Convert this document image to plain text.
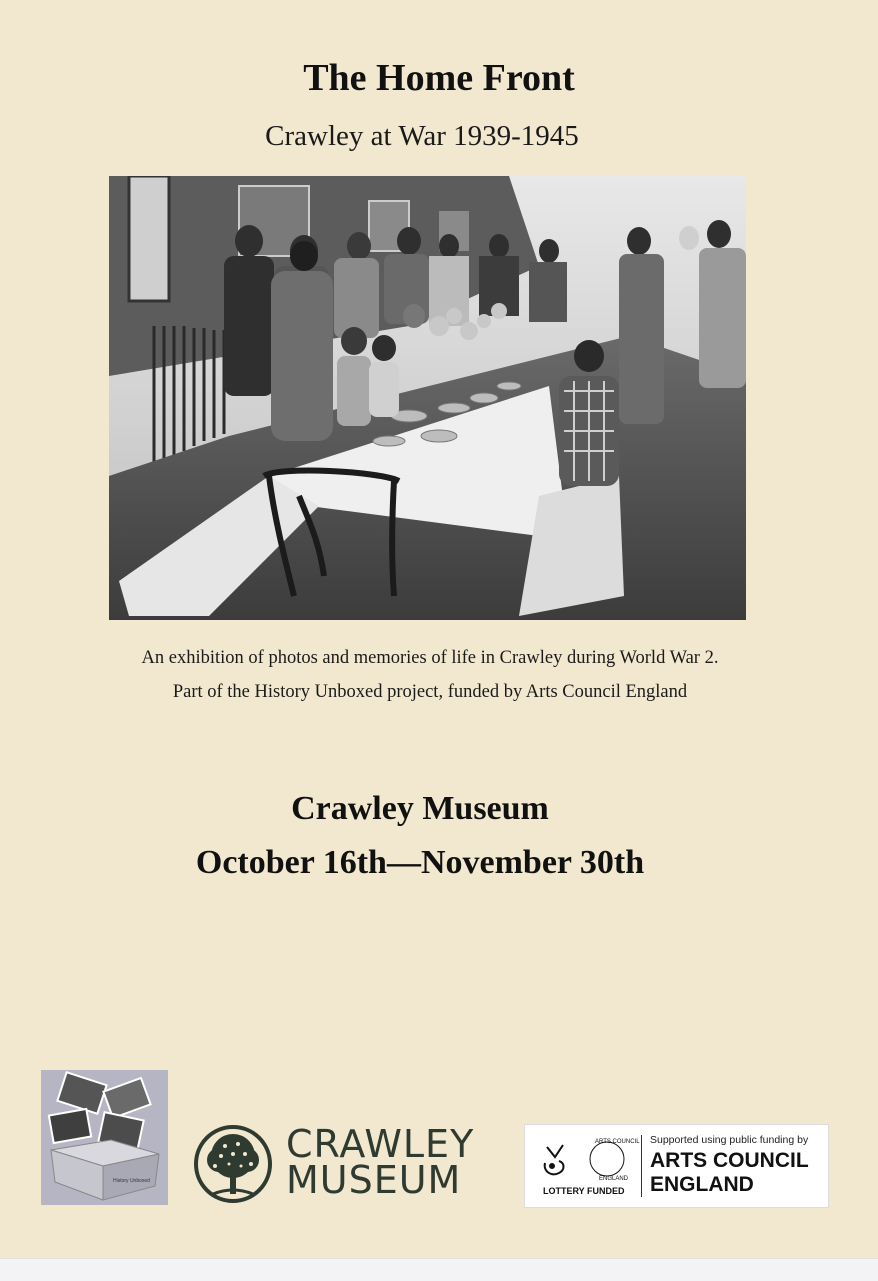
The Home Front
Crawley at War 1939-1945
An exhibition of photos and memories of life in Crawley during World War 2.
Part of the History Unboxed project, funded by Arts Council England
Crawley Museum
October 16th—November 30th
History Unboxed
CRAWLEY
MUSEUM
ARTS COUNCIL
ENGLAND
LOTTERY FUNDED
Supported using public funding by
ARTS COUNCIL
ENGLAND
